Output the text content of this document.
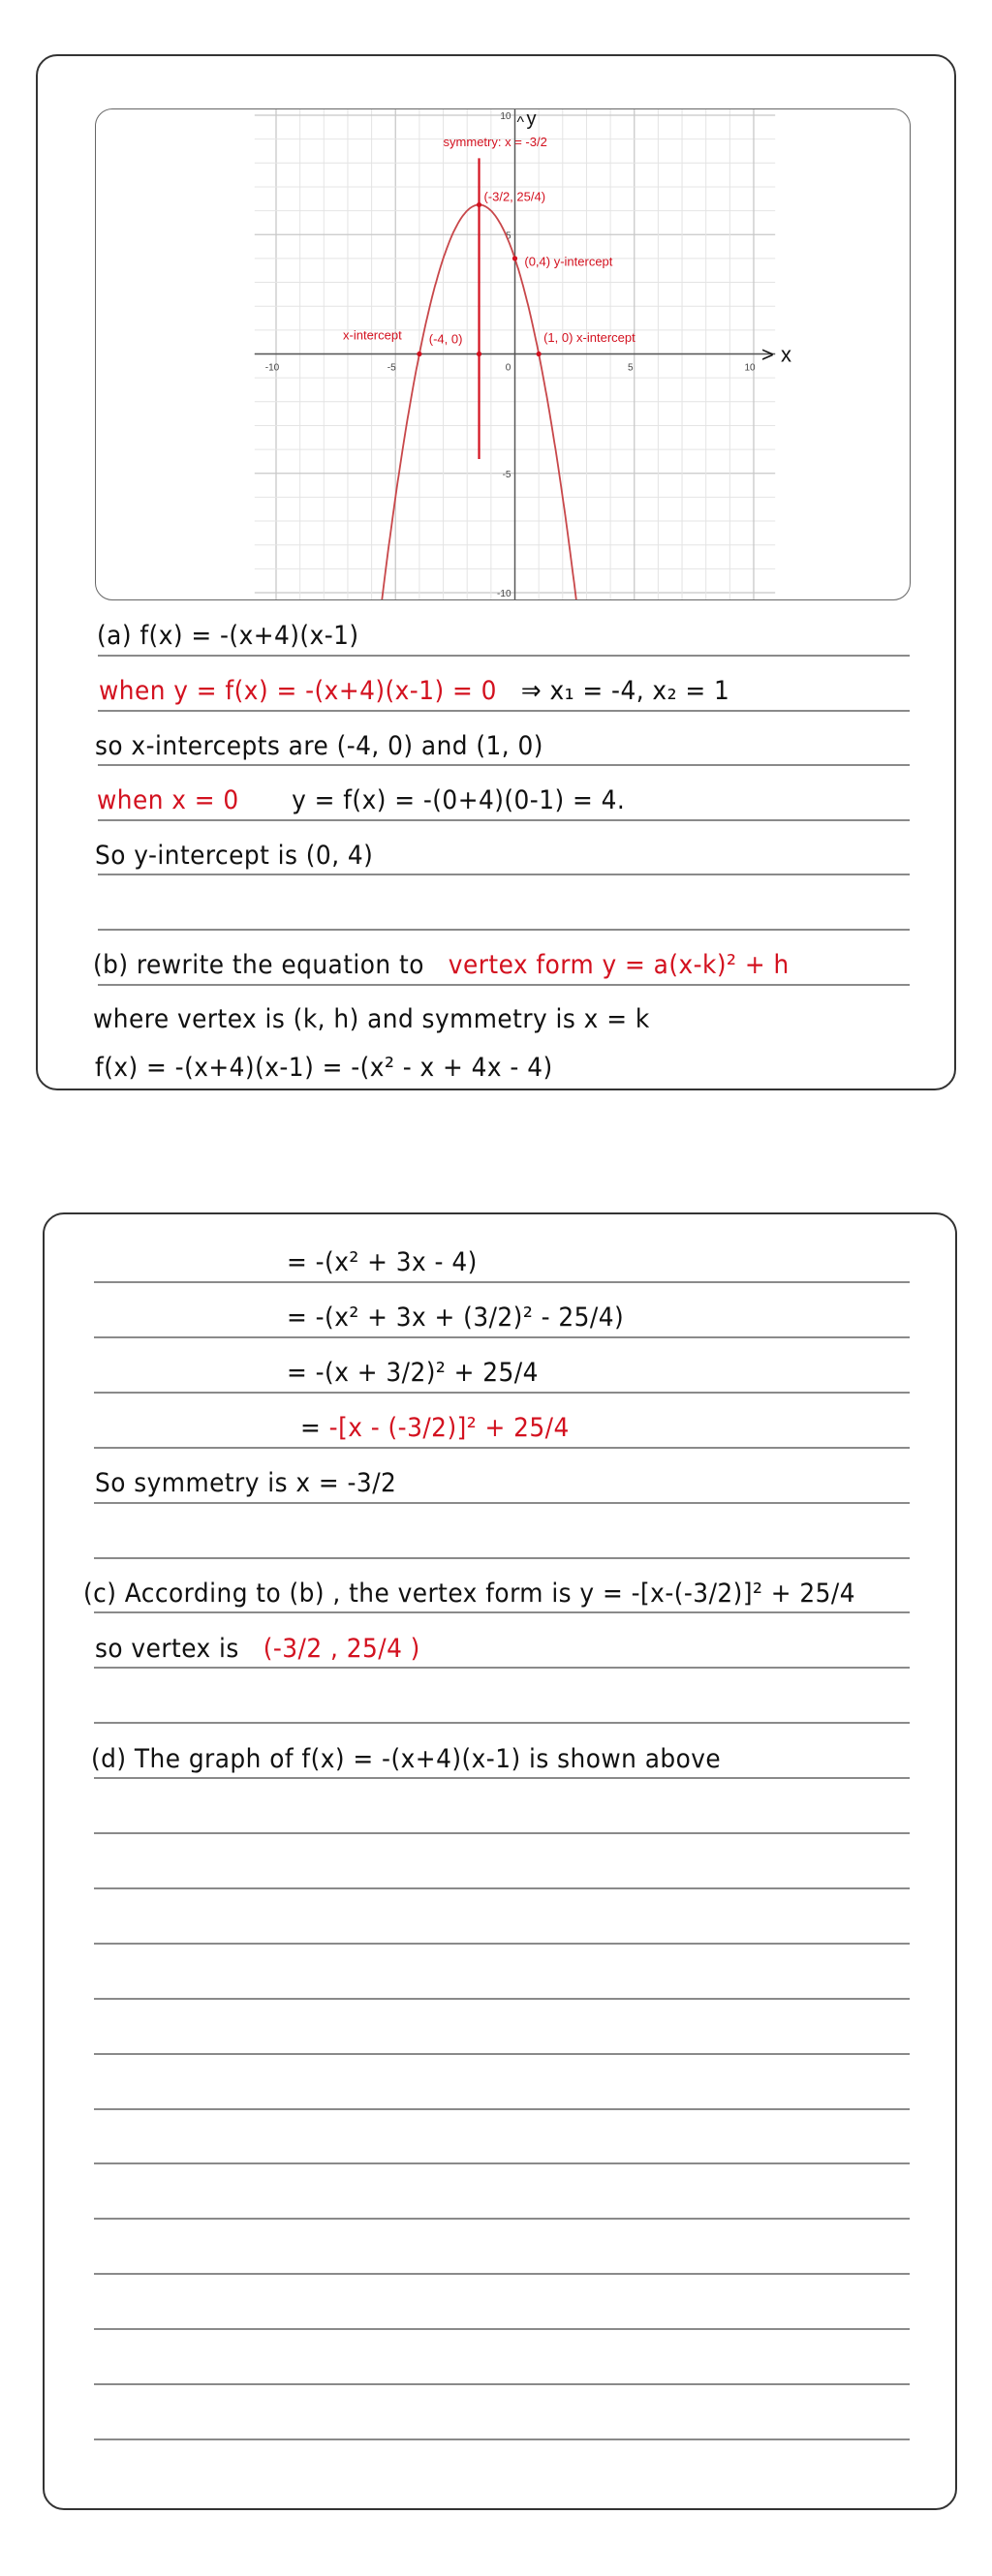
-10	-5	0	5	10
10
5
-5
-10
y
^
x
>
symmetry: x = -3/2
(-3/2, 25/4)
(0,4) y-intercept
x-intercept (-4, 0)	(1, 0) x-intercept
(a) f(x) = -(x+4)(x-1)
when y = f(x) = -(x+4)(x-1) = 0 ⇒ x₁ = -4, x₂ = 1
so x-intercepts are (-4, 0) and (1, 0)
when x = 0 y = f(x) = -(0+4)(0-1) = 4.
So y-intercept is (0, 4)
(b) rewrite the equation to vertex form y = a(x-k)² + h
where vertex is (k, h) and symmetry is x = k
f(x) = -(x+4)(x-1) = -(x² - x + 4x - 4)
= -(x² + 3x - 4)
= -(x² + 3x + (3/2)² - 25/4)
= -(x + 3/2)² + 25/4
= -[x - (-3/2)]² + 25/4
So symmetry is x = -3/2
(c) According to (b) , the vertex form is y = -[x-(-3/2)]² + 25/4
so vertex is (-3/2 , 25/4 )
(d) The graph of f(x) = -(x+4)(x-1) is shown above
